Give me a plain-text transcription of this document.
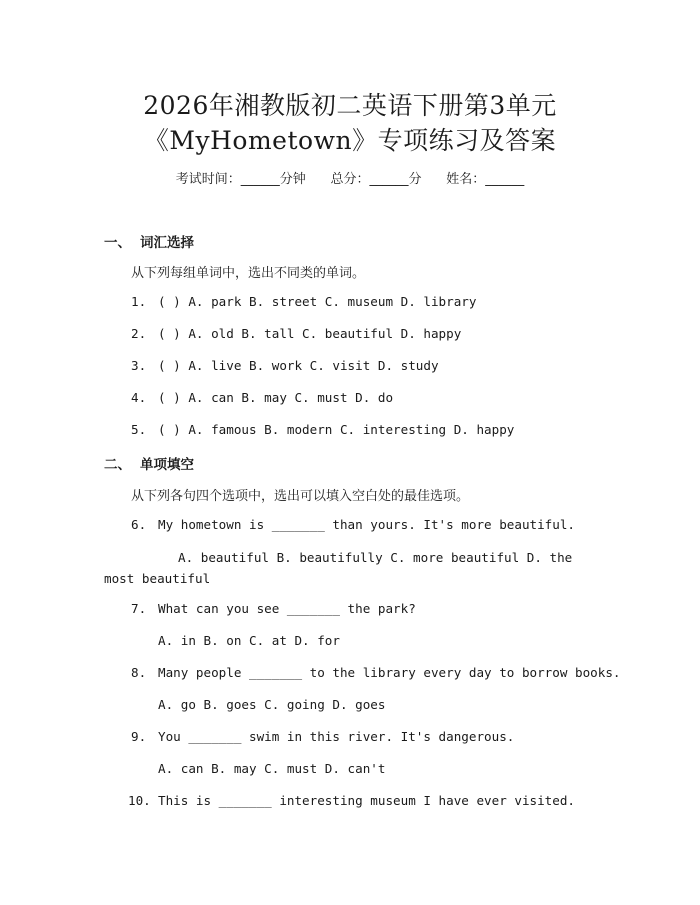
2026年湘教版初二英语下册第3单元
《MyHometown》专项练习及答案
考试时间：______分钟      总分：______分      姓名：______
一、 词汇选择
从下列每组单词中，选出不同类的单词。
1. ( ) A. park B. street C. museum D. library
2. ( ) A. old B. tall C. beautiful D. happy
3. ( ) A. live B. work C. visit D. study
4. ( ) A. can B. may C. must D. do
5. ( ) A. famous B. modern C. interesting D. happy
二、 单项填空
从下列各句四个选项中，选出可以填入空白处的最佳选项。
6. My hometown is _______ than yours. It's more beautiful.
A. beautiful B. beautifully C. more beautiful D. the most beautiful
7. What can you see _______ the park?
A. in B. on C. at D. for
8. Many people _______ to the library every day to borrow books.
A. go B. goes C. going D. goes
9. You _______ swim in this river. It's dangerous.
A. can B. may C. must D. can't
10. This is _______ interesting museum I have ever visited.
